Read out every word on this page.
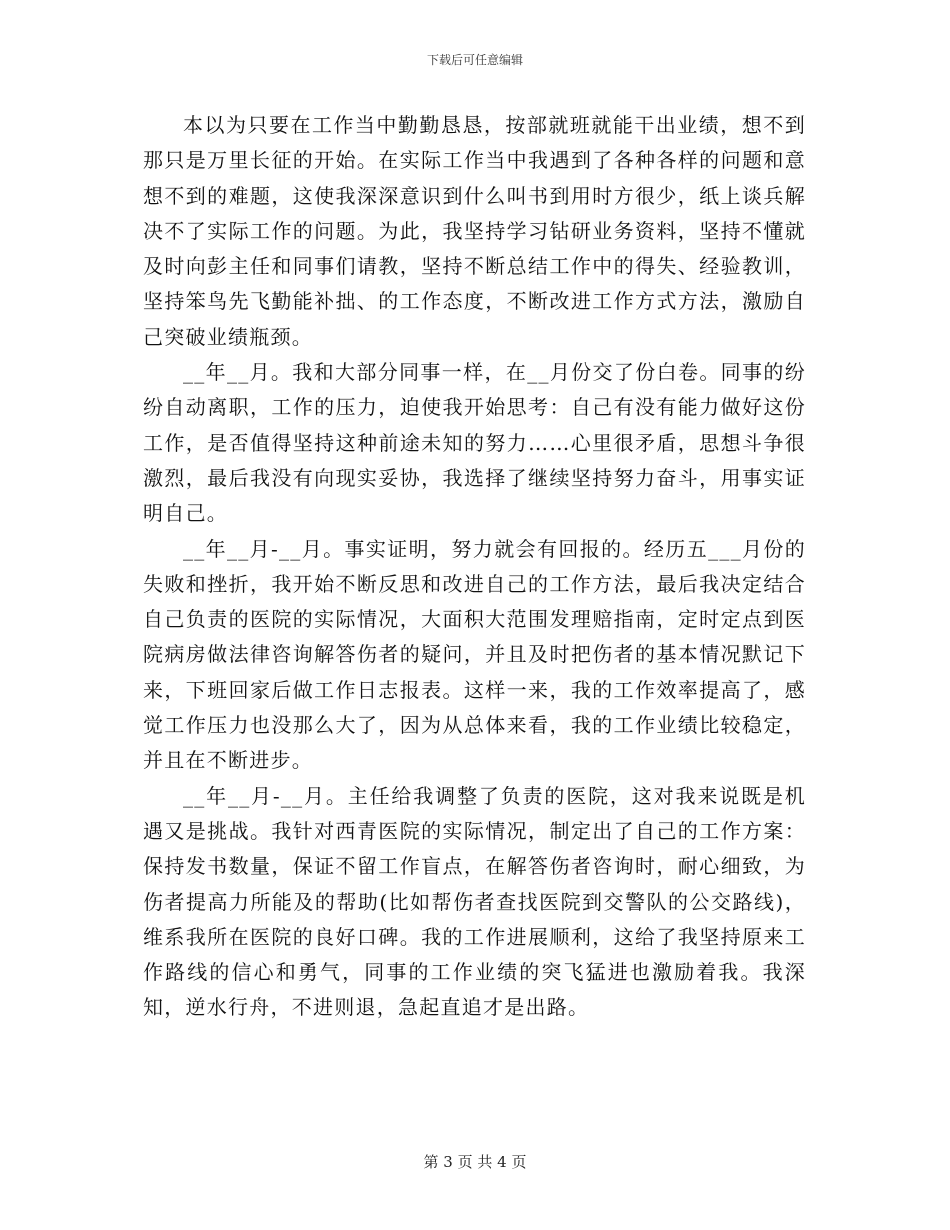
下载后可任意编辑

本以为只要在工作当中勤勤恳恳，按部就班就能干出业绩，想不到那只是万里长征的开始。在实际工作当中我遇到了各种各样的问题和意想不到的难题，这使我深深意识到什么叫书到用时方很少，纸上谈兵解决不了实际工作的问题。为此，我坚持学习钻研业务资料，坚持不懂就及时向彭主任和同事们请教，坚持不断总结工作中的得失、经验教训，坚持笨鸟先飞勤能补拙、的工作态度，不断改进工作方式方法，激励自己突破业绩瓶颈。

__年__月。我和大部分同事一样，在__月份交了份白卷。同事的纷纷自动离职，工作的压力，迫使我开始思考：自己有没有能力做好这份工作，是否值得坚持这种前途未知的努力……心里很矛盾，思想斗争很激烈，最后我没有向现实妥协，我选择了继续坚持努力奋斗，用事实证明自己。

__年__月-__月。事实证明，努力就会有回报的。经历五___月份的失败和挫折，我开始不断反思和改进自己的工作方法，最后我决定结合自己负责的医院的实际情况，大面积大范围发理赔指南，定时定点到医院病房做法律咨询解答伤者的疑问，并且及时把伤者的基本情况默记下来，下班回家后做工作日志报表。这样一来，我的工作效率提高了，感觉工作压力也没那么大了，因为从总体来看，我的工作业绩比较稳定，并且在不断进步。

__年__月-__月。主任给我调整了负责的医院，这对我来说既是机遇又是挑战。我针对西青医院的实际情况，制定出了自己的工作方案：保持发书数量，保证不留工作盲点，在解答伤者咨询时，耐心细致，为伤者提高力所能及的帮助(比如帮伤者查找医院到交警队的公交路线)，维系我所在医院的良好口碑。我的工作进展顺利，这给了我坚持原来工作路线的信心和勇气，同事的工作业绩的突飞猛进也激励着我。我深知，逆水行舟，不进则退，急起直追才是出路。

第 3 页 共 4 页
